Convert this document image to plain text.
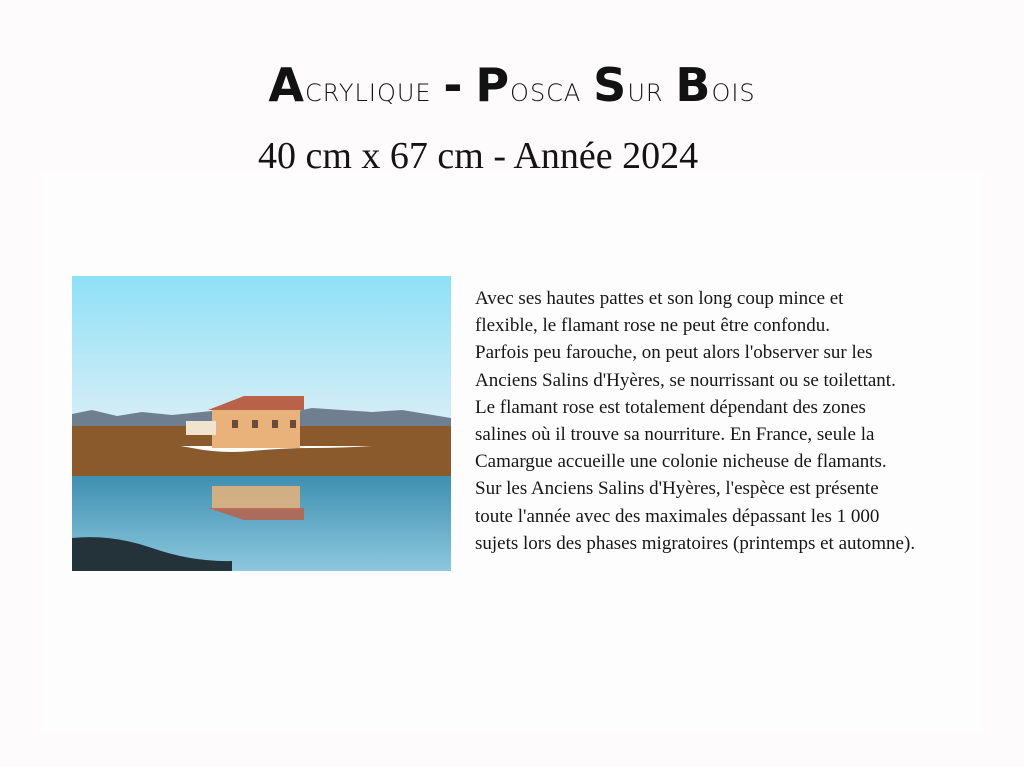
Acrylique - Posca Sur Bois
40 cm x 67 cm - Année 2024

Avec ses hautes pattes et son long coup mince et

flexible, le flamant rose ne peut être confondu.

Parfois peu farouche, on peut alors l'observer sur les

Anciens Salins d'Hyères, se nourrissant ou se toilettant.

Le flamant rose est totalement dépendant des zones

salines où il trouve sa nourriture. En France, seule la

Camargue accueille une colonie nicheuse de flamants.

Sur les Anciens Salins d'Hyères, l'espèce est présente

toute l'année avec des maximales dépassant les 1 000

sujets lors des phases migratoires (printemps et automne).
